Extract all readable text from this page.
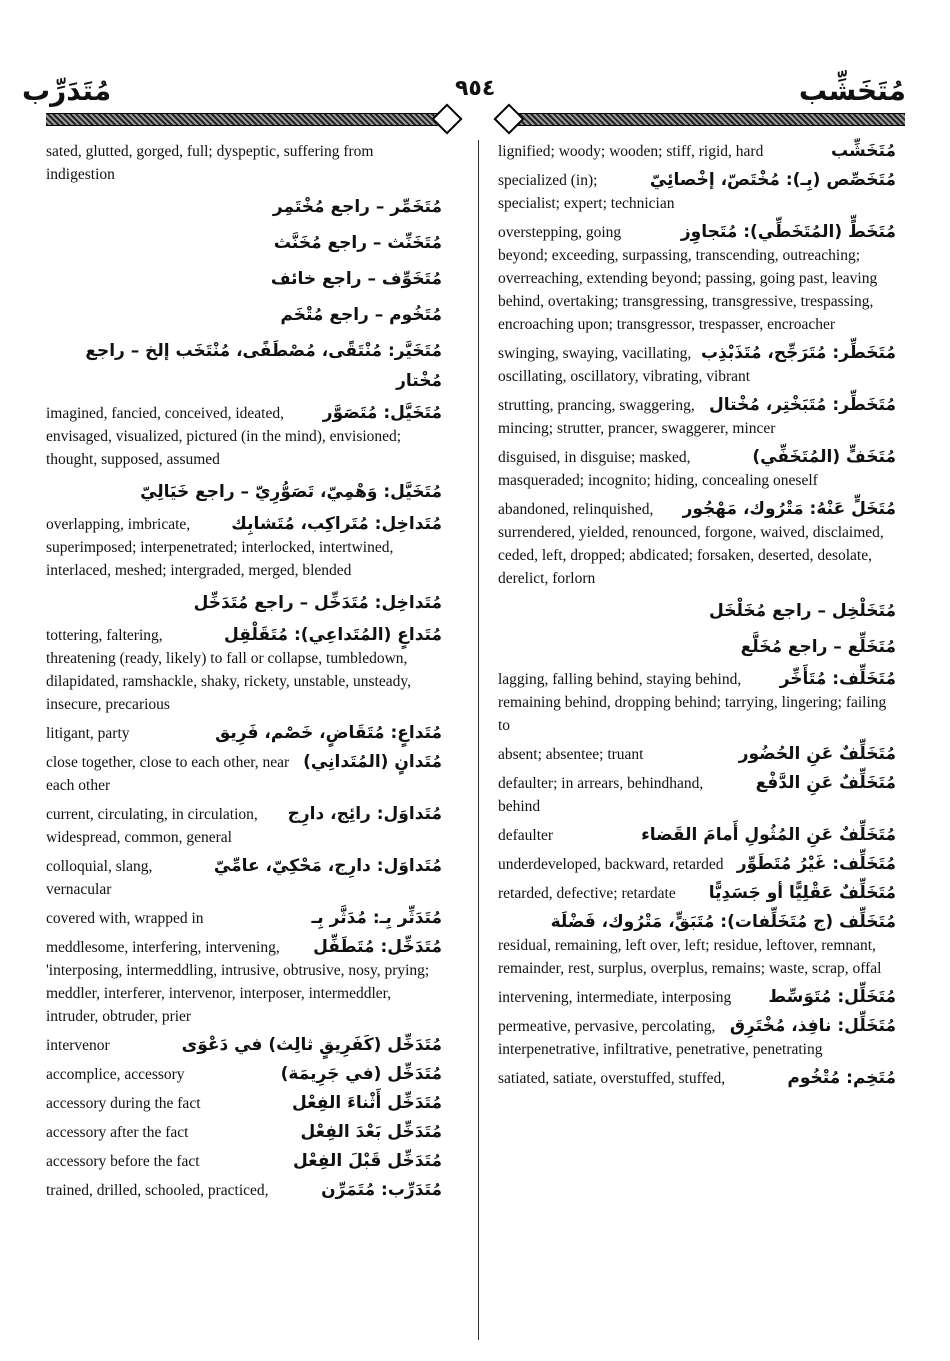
مُتَدَرِّب	٩٥٤	مُتَخَشِّب

sated, glutted, gorged, full; dyspeptic, suffering from indigestion

مُتَخَمِّر – راجع مُخْتَمِر

مُتَخَنِّث – راجع مُخَنَّث

مُتَخَوِّف – راجع خائف

مُتَخُوم – راجع مُتْخَم

مُتَخَيَّر: مُنْتَقًى، مُصْطَفًى، مُنْتَخَب إلخ – راجع مُخْتار

مُتَخَيَّل: مُتَصَوَّر
imagined, fancied, conceived, ideated, envisaged, visualized, pictured (in the mind), envisioned; thought, supposed, assumed

مُتَخَيَّل: وَهْمِيّ، تَصَوُّرِيّ – راجع خَيَالِيّ

مُتَداخِل: مُتَراكِب، مُتَشابِك
overlapping, imbricate, superimposed; interpenetrated; interlocked, intertwined, interlaced, meshed; intergraded, merged, blended

مُتَداخِل: مُتَدَخِّل – راجع مُتَدَخِّل

مُتَداعٍ (المُتَداعِي): مُتَقَلْقِل
tottering, faltering, threatening (ready, likely) to fall or collapse, tumbledown, dilapidated, ramshackle, shaky, rickety, unstable, unsteady, insecure, precarious

مُتَداعٍ: مُتَقَاضٍ، خَصْم، فَرِيق
litigant, party

مُتَدانٍ (المُتَدانِي)
close together, close to each other, near each other

مُتَداوَل: رائِج، دارِج
current, circulating, in circulation, widespread, common, general

مُتَداوَل: دارِج، مَحْكِيّ، عامِّيّ
colloquial, slang, vernacular

مُتَدَثِّر بِـ: مُدَثَّر بِـ
covered with, wrapped in

مُتَدَخِّل: مُتَطَفِّل
meddlesome, interfering, intervening, 'interposing, intermeddling, intrusive, obtrusive, nosy, prying; meddler, interferer, intervenor, interposer, intermeddler, intruder, obtruder, prier

مُتَدَخِّل (كَفَرِيقٍ ثالِث) في دَعْوَى
intervenor

مُتَدَخِّل (في جَرِيمَة)
accomplice, accessory

مُتَدَخِّل أَثْناءَ الفِعْل
accessory during the fact

مُتَدَخِّل بَعْدَ الفِعْل
accessory after the fact

مُتَدَخِّل قَبْلَ الفِعْل
accessory before the fact

مُتَدَرِّب: مُتَمَرِّن
trained, drilled, schooled, practiced,

مُتَخَشِّب
lignified; woody; wooden; stiff, rigid, hard

مُتَخَصِّص (بِـ): مُخْتَصّ، إخْصائِيّ
specialized (in); specialist; expert; technician

مُتَخَطٍّ (المُتَخَطِّي): مُتَجاوِز
overstepping, going beyond; exceeding, surpassing, transcending, outreaching; overreaching, extending beyond; passing, going past, leaving behind, overtaking; transgressing, transgressive, trespassing, encroaching upon; transgressor, trespasser, encroacher

مُتَخَطِّر: مُتَرَجِّح، مُتَذَبْذِب
swinging, swaying, vacillating, oscillating, oscillatory, vibrating, vibrant

مُتَخَطِّر: مُتَبَخْتِر، مُخْتال
strutting, prancing, swaggering, mincing; strutter, prancer, swaggerer, mincer

مُتَخَفٍّ (المُتَخَفِّي)
disguised, in disguise; masked, masqueraded; incognito; hiding, concealing oneself

مُتَخَلٍّ عَنْهُ: مَتْرُوك، مَهْجُور
abandoned, relinquished, surrendered, yielded, renounced, forgone, waived, disclaimed, ceded, left, dropped; abdicated; forsaken, deserted, desolate, derelict, forlorn

مُتَخَلْخِل – راجع مُخَلْخَل

مُتَخَلِّع – راجع مُخَلَّع

مُتَخَلِّف: مُتَأَخِّر
lagging, falling behind, staying behind, remaining behind, dropping behind; tarrying, lingering; failing to

مُتَخَلِّفٌ عَنِ الحُضُور
absent; absentee; truant

مُتَخَلِّفٌ عَنِ الدَّفْع
defaulter; in arrears, behindhand, behind

مُتَخَلِّفٌ عَنِ المُثُولِ أَمامَ القَضاء
defaulter

مُتَخَلِّف: غَيْرُ مُتَطَوِّر
underdeveloped, backward, retarded

مُتَخَلِّفٌ عَقْلِيًّا أو جَسَدِيًّا
retarded, defective; retardate

مُتَخَلِّف (ج مُتَخَلِّفات): مُتَبَقٍّ، مَتْرُوك، فَضْلَة
residual, remaining, left over, left; residue, leftover, remnant, remainder, rest, surplus, overplus, remains; waste, scrap, offal

مُتَخَلِّل: مُتَوَسِّط
intervening, intermediate, interposing

مُتَخَلِّل: نافِذ، مُخْتَرِق
permeative, pervasive, percolating, interpenetrative, infiltrative, penetrative, penetrating

مُتَخِم: مُتْخُوم
satiated, satiate, overstuffed, stuffed,
